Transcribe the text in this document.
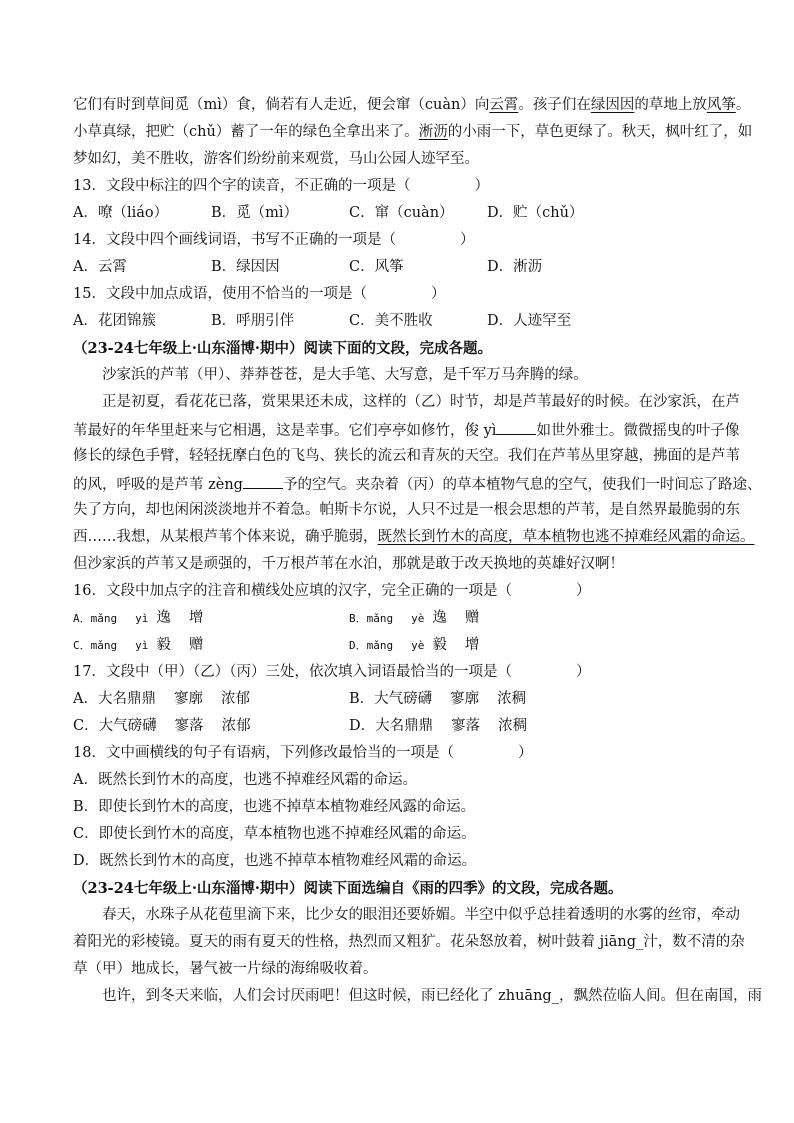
它们有时到草间觅（mì）食，倘若有人走近，便会窜（cuàn）向云霄。孩子们在绿因因的草地上放风筝。
小草真绿，把贮（chǔ）蓄了一年的绿色全拿出来了。淅沥的小雨一下，草色更绿了。秋天，枫叶红了，如
梦如幻，美不胜收，游客们纷纷前来观赏，马山公园人迹罕至。
13．文段中标注的四个字的读音，不正确的一项是（	）
A．嘹（liáo）	B．觅（mì）	C．窜（cuàn）	D．贮（chǔ）
14．文段中四个画线词语，书写不正确的一项是（	）
A．云霄	B．绿因因	C．风筝	D．淅沥
15．文段中加点成语，使用不恰当的一项是（	）
A．花团锦簇	B．呼朋引伴	C．美不胜收	D．人迹罕至
（23-24七年级上·山东淄博·期中）阅读下面的文段，完成各题。
沙家浜的芦苇（甲）、莽莽苍苍，是大手笔、大写意，是千军万马奔腾的绿。
正是初夏，看花花已落，赏果果还未成，这样的（乙）时节，却是芦苇最好的时候。在沙家浜，在芦
苇最好的年华里赶来与它相遇，这是幸事。它们亭亭如修竹，俊 yì	如世外雅士。微微摇曳的叶子像
修长的绿色手臂，轻轻抚摩白色的飞鸟、狭长的流云和青灰的天空。我们在芦苇丛里穿越，拂面的是芦苇
的风，呼吸的是芦苇 zèng	予的空气。夹杂着（丙）的草本植物气息的空气，使我们一时间忘了路途、
失了方向，却也闲闲淡淡地并不着急。帕斯卡尔说，人只不过是一根会思想的芦苇，是自然界最脆弱的东
西……我想，从某根芦苇个体来说，确乎脆弱，既然长到竹木的高度，草本植物也逃不掉难经风霜的命运。
但沙家浜的芦苇又是顽强的，千万根芦苇在水泊，那就是敢于改天换地的英雄好汉啊！
16．文段中加点字的注音和横线处应填的汉字，完全正确的一项是（	）
A．mǎng yì 逸 增	B．mǎng yè 逸 赠
C．mǎng yì 毅 赠	D．mǎng yè 毅 增
17．文段中（甲）（乙）（丙）三处，依次填入词语最恰当的一项是（	）
A．大名鼎鼎 寥廓 浓郁	B．大气磅礴 寥廓 浓稠
C．大气磅礴 寥落 浓郁	D．大名鼎鼎 寥落 浓稠
18．文中画横线的句子有语病，下列修改最恰当的一项是（	）
A．既然长到竹木的高度，也逃不掉难经风霜的命运。
B．即使长到竹木的高度，也逃不掉草本植物难经风露的命运。
C．即使长到竹木的高度，草本植物也逃不掉难经风霜的命运。
D．既然长到竹木的高度，也逃不掉草本植物难经风霜的命运。
（23-24七年级上·山东淄博·期中）阅读下面选编自《雨的四季》的文段，完成各题。
春天，水珠子从花苞里滴下来，比少女的眼泪还要娇媚。半空中似乎总挂着透明的水雾的丝帘，牵动
着阳光的彩棱镜。夏天的雨有夏天的性格，热烈而又粗犷。花朵怒放着，树叶鼓着 jiāng_汁，数不清的杂
草（甲）地成长，暑气被一片绿的海绵吸收着。
也许，到冬天来临，人们会讨厌雨吧！但这时候，雨已经化了 zhuāng_，飘然莅临人间。但在南国，雨
